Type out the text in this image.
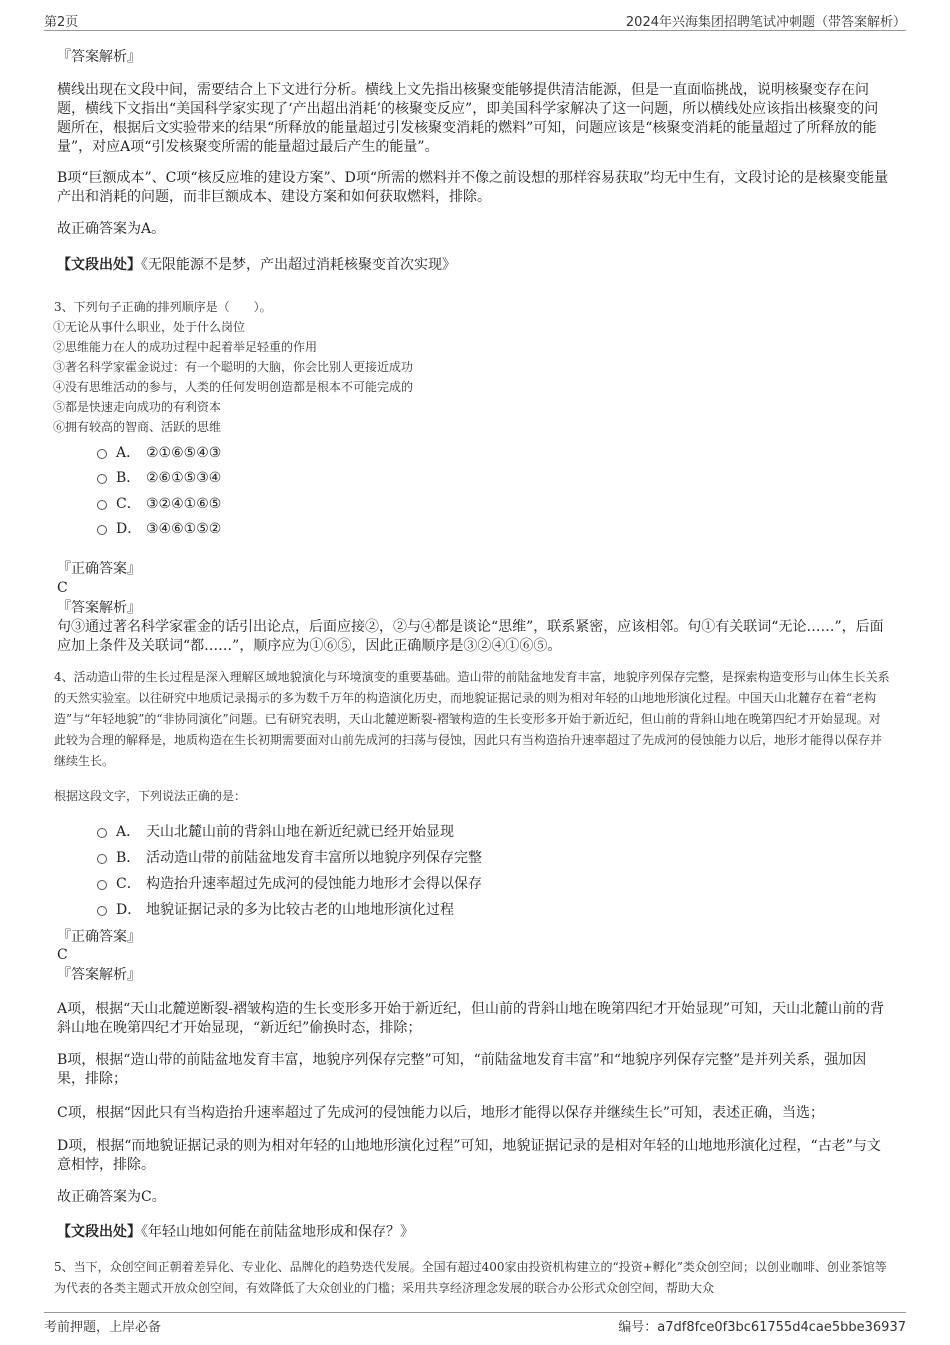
第2页	2024年兴海集团招聘笔试冲刺题（带答案解析）
『答案解析』
横线出现在文段中间，需要结合上下文进行分析。横线上文先指出核聚变能够提供清洁能源，但是一直面临挑战，说明核聚变存在问题，横线下文指出“美国科学家实现了‘产出超出消耗’的核聚变反应”，即美国科学家解决了这一问题，所以横线处应该指出核聚变的问题所在，根据后文实验带来的结果“所释放的能量超过引发核聚变消耗的燃料”可知，问题应该是“核聚变消耗的能量超过了所释放的能量”，对应A项“引发核聚变所需的能量超过最后产生的能量”。
B项“巨额成本”、C项“核反应堆的建设方案”、D项“所需的燃料并不像之前设想的那样容易获取”均无中生有，文段讨论的是核聚变能量产出和消耗的问题，而非巨额成本、建设方案和如何获取燃料，排除。
故正确答案为A。
【文段出处】《无限能源不是梦，产出超过消耗核聚变首次实现》
3、下列句子正确的排列顺序是（　　）。
①无论从事什么职业，处于什么岗位
②思维能力在人的成功过程中起着举足轻重的作用
③著名科学家霍金说过：有一个聪明的大脑，你会比别人更接近成功
④没有思维活动的参与，人类的任何发明创造都是根本不可能完成的
⑤都是快速走向成功的有利资本
⑥拥有较高的智商、活跃的思维
A． ②①⑥⑤④③
B． ②⑥①⑤③④
C． ③②④①⑥⑤
D． ③④⑥①⑤②
『正确答案』
C
『答案解析』
句③通过著名科学家霍金的话引出论点，后面应接②，②与④都是谈论“思维”，联系紧密，应该相邻。句①有关联词“无论……”，后面应加上条件及关联词“都……”，顺序应为①⑥⑤，因此正确顺序是③②④①⑥⑤。
4、活动造山带的生长过程是深入理解区域地貌演化与环境演变的重要基础。造山带的前陆盆地发育丰富，地貌序列保存完整，是探索构造变形与山体生长关系的天然实验室。以往研究中地质记录揭示的多为数千万年的构造演化历史，而地貌证据记录的则为相对年轻的山地地形演化过程。中国天山北麓存在着“老构造”与“年轻地貌”的“非协同演化”问题。已有研究表明，天山北麓逆断裂-褶皱构造的生长变形多开始于新近纪，但山前的背斜山地在晚第四纪才开始显现。对此较为合理的解释是，地质构造在生长初期需要面对山前先成河的扫荡与侵蚀，因此只有当构造抬升速率超过了先成河的侵蚀能力以后，地形才能得以保存并继续生长。
根据这段文字，下列说法正确的是：
A． 天山北麓山前的背斜山地在新近纪就已经开始显现
B． 活动造山带的前陆盆地发育丰富所以地貌序列保存完整
C． 构造抬升速率超过先成河的侵蚀能力地形才会得以保存
D． 地貌证据记录的多为比较古老的山地地形演化过程
『正确答案』
C
『答案解析』
A项，根据“天山北麓逆断裂-褶皱构造的生长变形多开始于新近纪，但山前的背斜山地在晚第四纪才开始显现”可知，天山北麓山前的背斜山地在晚第四纪才开始显现，“新近纪”偷换时态，排除；
B项，根据“造山带的前陆盆地发育丰富，地貌序列保存完整”可知，“前陆盆地发育丰富”和“地貌序列保存完整”是并列关系，强加因果，排除；
C项，根据“因此只有当构造抬升速率超过了先成河的侵蚀能力以后，地形才能得以保存并继续生长”可知，表述正确，当选；
D项，根据“而地貌证据记录的则为相对年轻的山地地形演化过程”可知，地貌证据记录的是相对年轻的山地地形演化过程，“古老”与文意相悖，排除。
故正确答案为C。
【文段出处】《年轻山地如何能在前陆盆地形成和保存？》
5、当下，众创空间正朝着差异化、专业化、品牌化的趋势迭代发展。全国有超过400家由投资机构建立的“投资+孵化”类众创空间；以创业咖啡、创业茶馆等为代表的各类主题式开放众创空间，有效降低了大众创业的门槛；采用共享经济理念发展的联合办公形式众创空间，帮助大众
考前押题，上岸必备	编号：a7df8fce0f3bc61755d4cae5bbe36937
